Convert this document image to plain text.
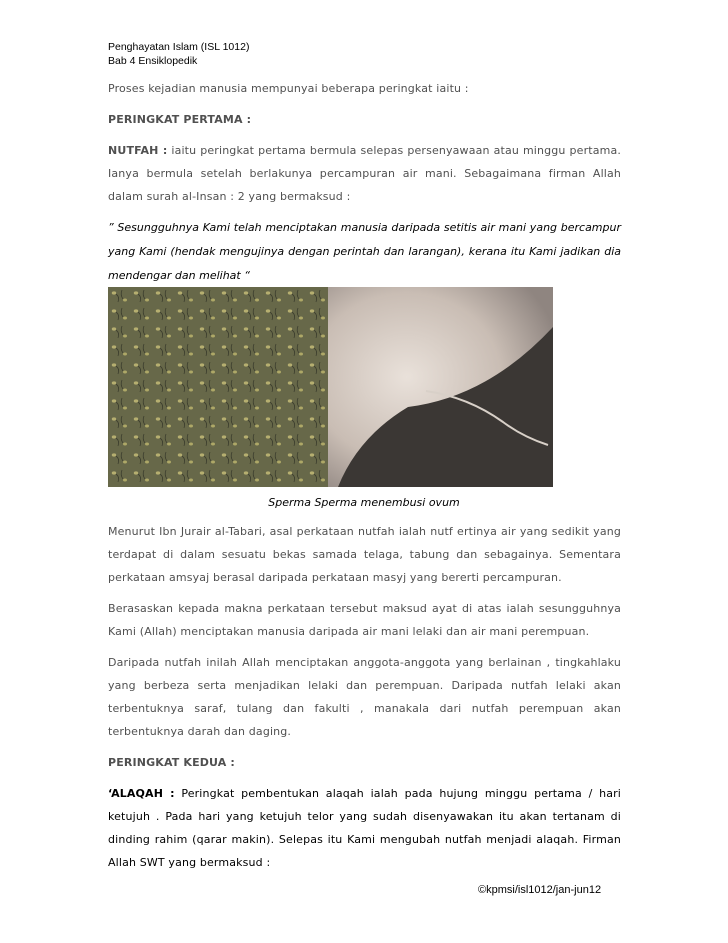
Penghayatan Islam (ISL 1012)
Bab 4 Ensiklopedik

Proses kejadian manusia mempunyai beberapa peringkat iaitu :

PERINGKAT PERTAMA :

NUTFAH : iaitu peringkat pertama bermula selepas persenyawaan atau minggu pertama. Ianya bermula setelah berlakunya percampuran air mani. Sebagaimana firman Allah dalam surah al-Insan : 2 yang bermaksud :

” Sesungguhnya Kami telah menciptakan manusia daripada setitis air mani yang bercampur yang Kami (hendak mengujinya dengan perintah dan larangan), kerana itu Kami jadikan dia mendengar dan melihat “

Sperma Sperma menembusi ovum

Menurut Ibn Jurair al-Tabari, asal perkataan nutfah ialah nutf ertinya air yang sedikit yang terdapat di dalam sesuatu bekas samada telaga, tabung dan sebagainya. Sementara perkataan amsyaj berasal daripada perkataan masyj yang bererti percampuran.

Berasaskan kepada makna perkataan tersebut maksud ayat di atas ialah sesungguhnya Kami (Allah) menciptakan manusia daripada air mani lelaki dan air mani perempuan.

Daripada nutfah inilah Allah menciptakan anggota-anggota yang berlainan , tingkahlaku yang berbeza serta menjadikan lelaki dan perempuan. Daripada nutfah lelaki akan terbentuknya saraf, tulang dan fakulti , manakala dari nutfah perempuan akan terbentuknya darah dan daging.

PERINGKAT KEDUA :

‘ALAQAH : Peringkat pembentukan alaqah ialah pada hujung minggu pertama / hari ketujuh . Pada hari yang ketujuh telor yang sudah disenyawakan itu akan tertanam di dinding rahim (qarar makin). Selepas itu Kami mengubah nutfah menjadi alaqah. Firman Allah SWT yang bermaksud :

©kpmsi/isl1012/jan-jun12
